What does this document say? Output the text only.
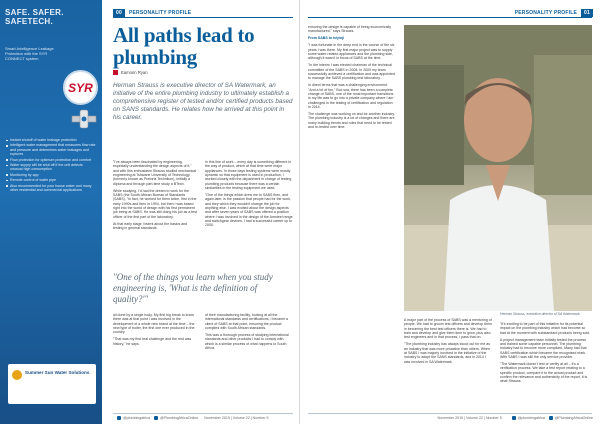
SAFE. SAFER.
SAFETECH.
Smart-Intelligence Leakage Protection with the SYR CONNECT system
SYR
Instant shutoff of water leakage protection
Intelligent water management that measures flow rate and pressure and determines water leakages and ruptures
Flow protection for optimum protection and comfort
Water supply will be shut off if the unit detects unusual high consumption
Monitoring by app
Remote control of water pipe
Also recommended for your house water and many other residential and commercial applications
Summer Sun Water Solutions
00	PERSONALITY PROFILE
All paths lead to plumbing
Eamonn Ryan
Herman Strauss is executive director of SA Watermark, an initiative of the entire plumbing industry to ultimately establish a comprehensive register of tested and/or certified products based on SANS standards. He relates how he arrived at this point in his career.

"I've always been fascinated by engineering, especially understanding the design aspects of it," and with this enthusiasm Strauss studied mechanical engineering at Tshwane University of Technology (formerly known as Pretoria Technikon), initially a diploma and through part-time study a BTech.

While studying, I'd had the dream to work for the SABS (the South African Bureau of Standards (SABS). "In fact, he worked for them twice, first in the early 1990s and then in 1994, but then I was based right into the world of design with his first permanent job being at SABS. He was still doing his job as a test officer of the first part of the laboratory.

At that early stage I learnt about the basics and testing in general standards.

In this line of work – every day is something different in the way of product, which at that time were major appliances. In those days testing systems were mostly dynamic so that equipment is used in production. I worked closely with the department in charge of testing plumbing products because there was a certain similarities in the testing equipment we used.

"One of the things which drew me to SABS then, and again later, is the passion that people had for the work, and they which they wouldn't change the job for anything else. I was excited about the design aspects and after seven years of SABS was offered a position where I was involved in the design of the Amsteel range and switchgear devices. I had a successful career up to 2000.

"One of the things you learn when you study engineering is, 'What is the definition of quality?'"

all done by a single body. My first big break to know there was at that point I was involved in the development of a whole new brand at the time – the new type of boiler, the first one ever produced in the country.

"That was my first real challenge and the rest was history," he says.

of their manufacturing facility, looking at all the international standards and certifications, I became a client of SABS at that point, ensuring the product complied with South African standards.

This was a thorough process of studying international standards and other products I had to comply with, which is a similar process of what happens to South Africa.

@plumbingafrica	@PlumbingAfricaOnline November 2015 | Volume 22 | Number 5
PERSONALITY PROFILE	01

ensuring the design is capable of being economically manufactured," says Strauss.

From SABS to Isiyinji

"I was fortunate in the deep end in the course of the six years I was there. My first major project was to supply some water-related appliances and the plumbing side, although it wasn't in focus of SABS at the time.

"In the interim I was elected chairman of the technical committee of the SABS in 2008. In 2009 my team successfully achieved a certification and was appointed to manage the SABS plumbing test laboratory.

In direct terms that was a challenging environment. "And a lot of fun." But now, there has been a complete change of SABS, one of the most important transitions in my life was to go into a private company where I am challenged in the testing of certification and regulation in 2014.

The challenge was working on and for another industry. The plumbing industry is a lot of changes and there are many building trends and rules that need to be tested and re-tested over time.

Herman Strauss, executive director of SA Watermark.

A major part of the process of SABS was a mentoring of people. We had to groom test officers and develop them in becoming the best test officers there is. We had to train and develop and give them time to grow, plus also test engineers and in that process, I pass that on.

"The plumbing industry has always stood out for me as an industry that was more proactive than others. When at SABS I was majorly involved in the initiative of the industry to adopt the SANS standards, and in 2014 I was involved in SA Watermark.

"It's exciting to be part of this initiative for its potential impact on the plumbing industry which had become so bad at the moment with substandard products being sold.

A project management team initially tested the process and trained some capable personnel. The plumbing industry had to become more compliant. Many had that SABS certification which became the recognised mark. With SABS I was still the only service provider.

"The Watermark doesn't test or certify at all – it's a verification process. We take a test report relating to a specific product, compare it to the actual product and confirm the relevance and authenticity of the report, it is what Strauss.

November 2015 | Volume 22 | Number 5	@plumbingafrica	@PlumbingAfricaOnline
